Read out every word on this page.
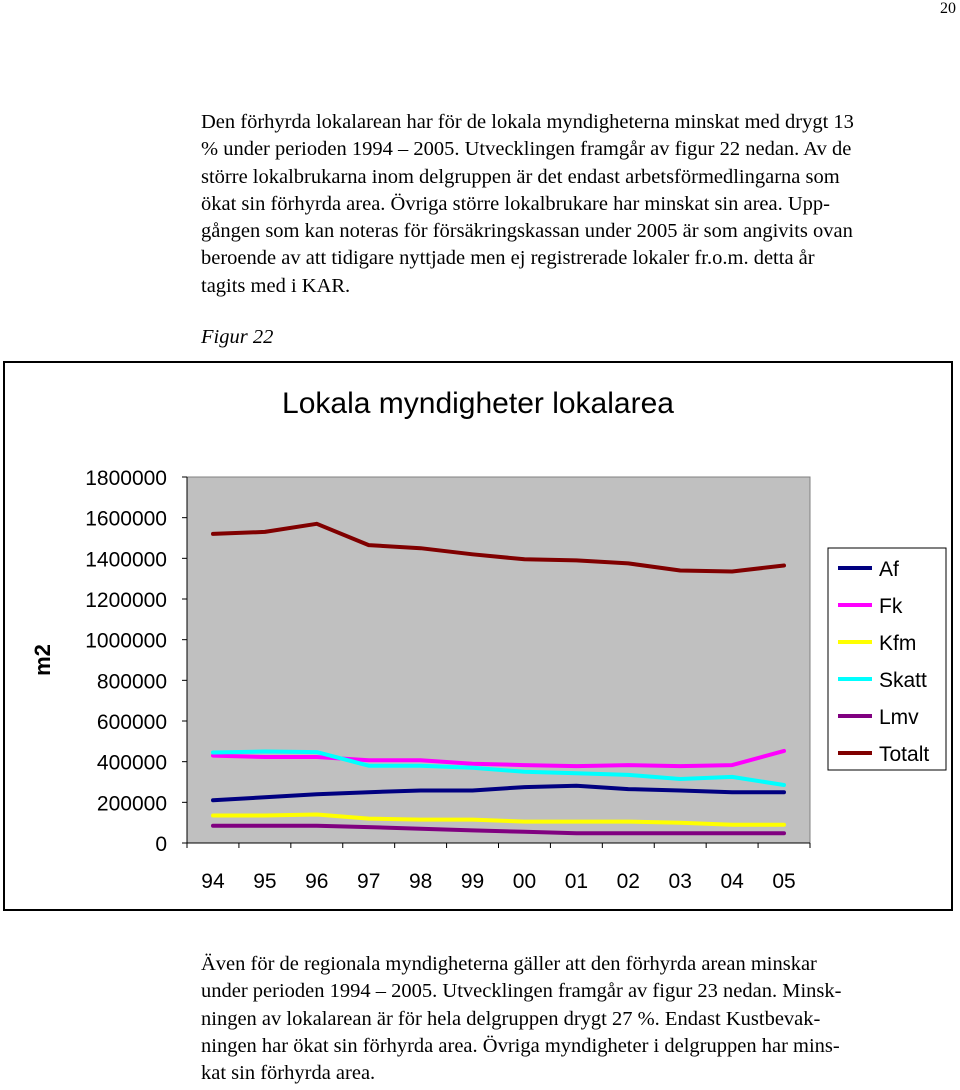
20
Den förhyrda lokalarean har för de lokala myndigheterna minskat med drygt 13
% under perioden 1994 – 2005. Utvecklingen framgår av figur 22 nedan. Av de
större lokalbrukarna inom delgruppen är det endast arbetsförmedlingarna som
ökat sin förhyrda area. Övriga större lokalbrukare har minskat sin area. Upp-
gången som kan noteras för försäkringskassan under 2005 är som angivits ovan
beroende av att tidigare nyttjade men ej registrerade lokaler fr.o.m. detta år
tagits med i KAR.
Figur 22
Lokala myndigheter lokalarea
m2
0
200000
400000
600000
800000
1000000
1200000
1400000
1600000
1800000
94 95 96 97 98 99 00 01 02 03 04 05
Af
Fk
Kfm
Skatt
Lmv
Totalt
Även för de regionala myndigheterna gäller att den förhyrda arean minskar
under perioden 1994 – 2005. Utvecklingen framgår av figur 23 nedan. Minsk-
ningen av lokalarean är för hela delgruppen drygt 27 %. Endast Kustbevak-
ningen har ökat sin förhyrda area. Övriga myndigheter i delgruppen har mins-
kat sin förhyrda area.
